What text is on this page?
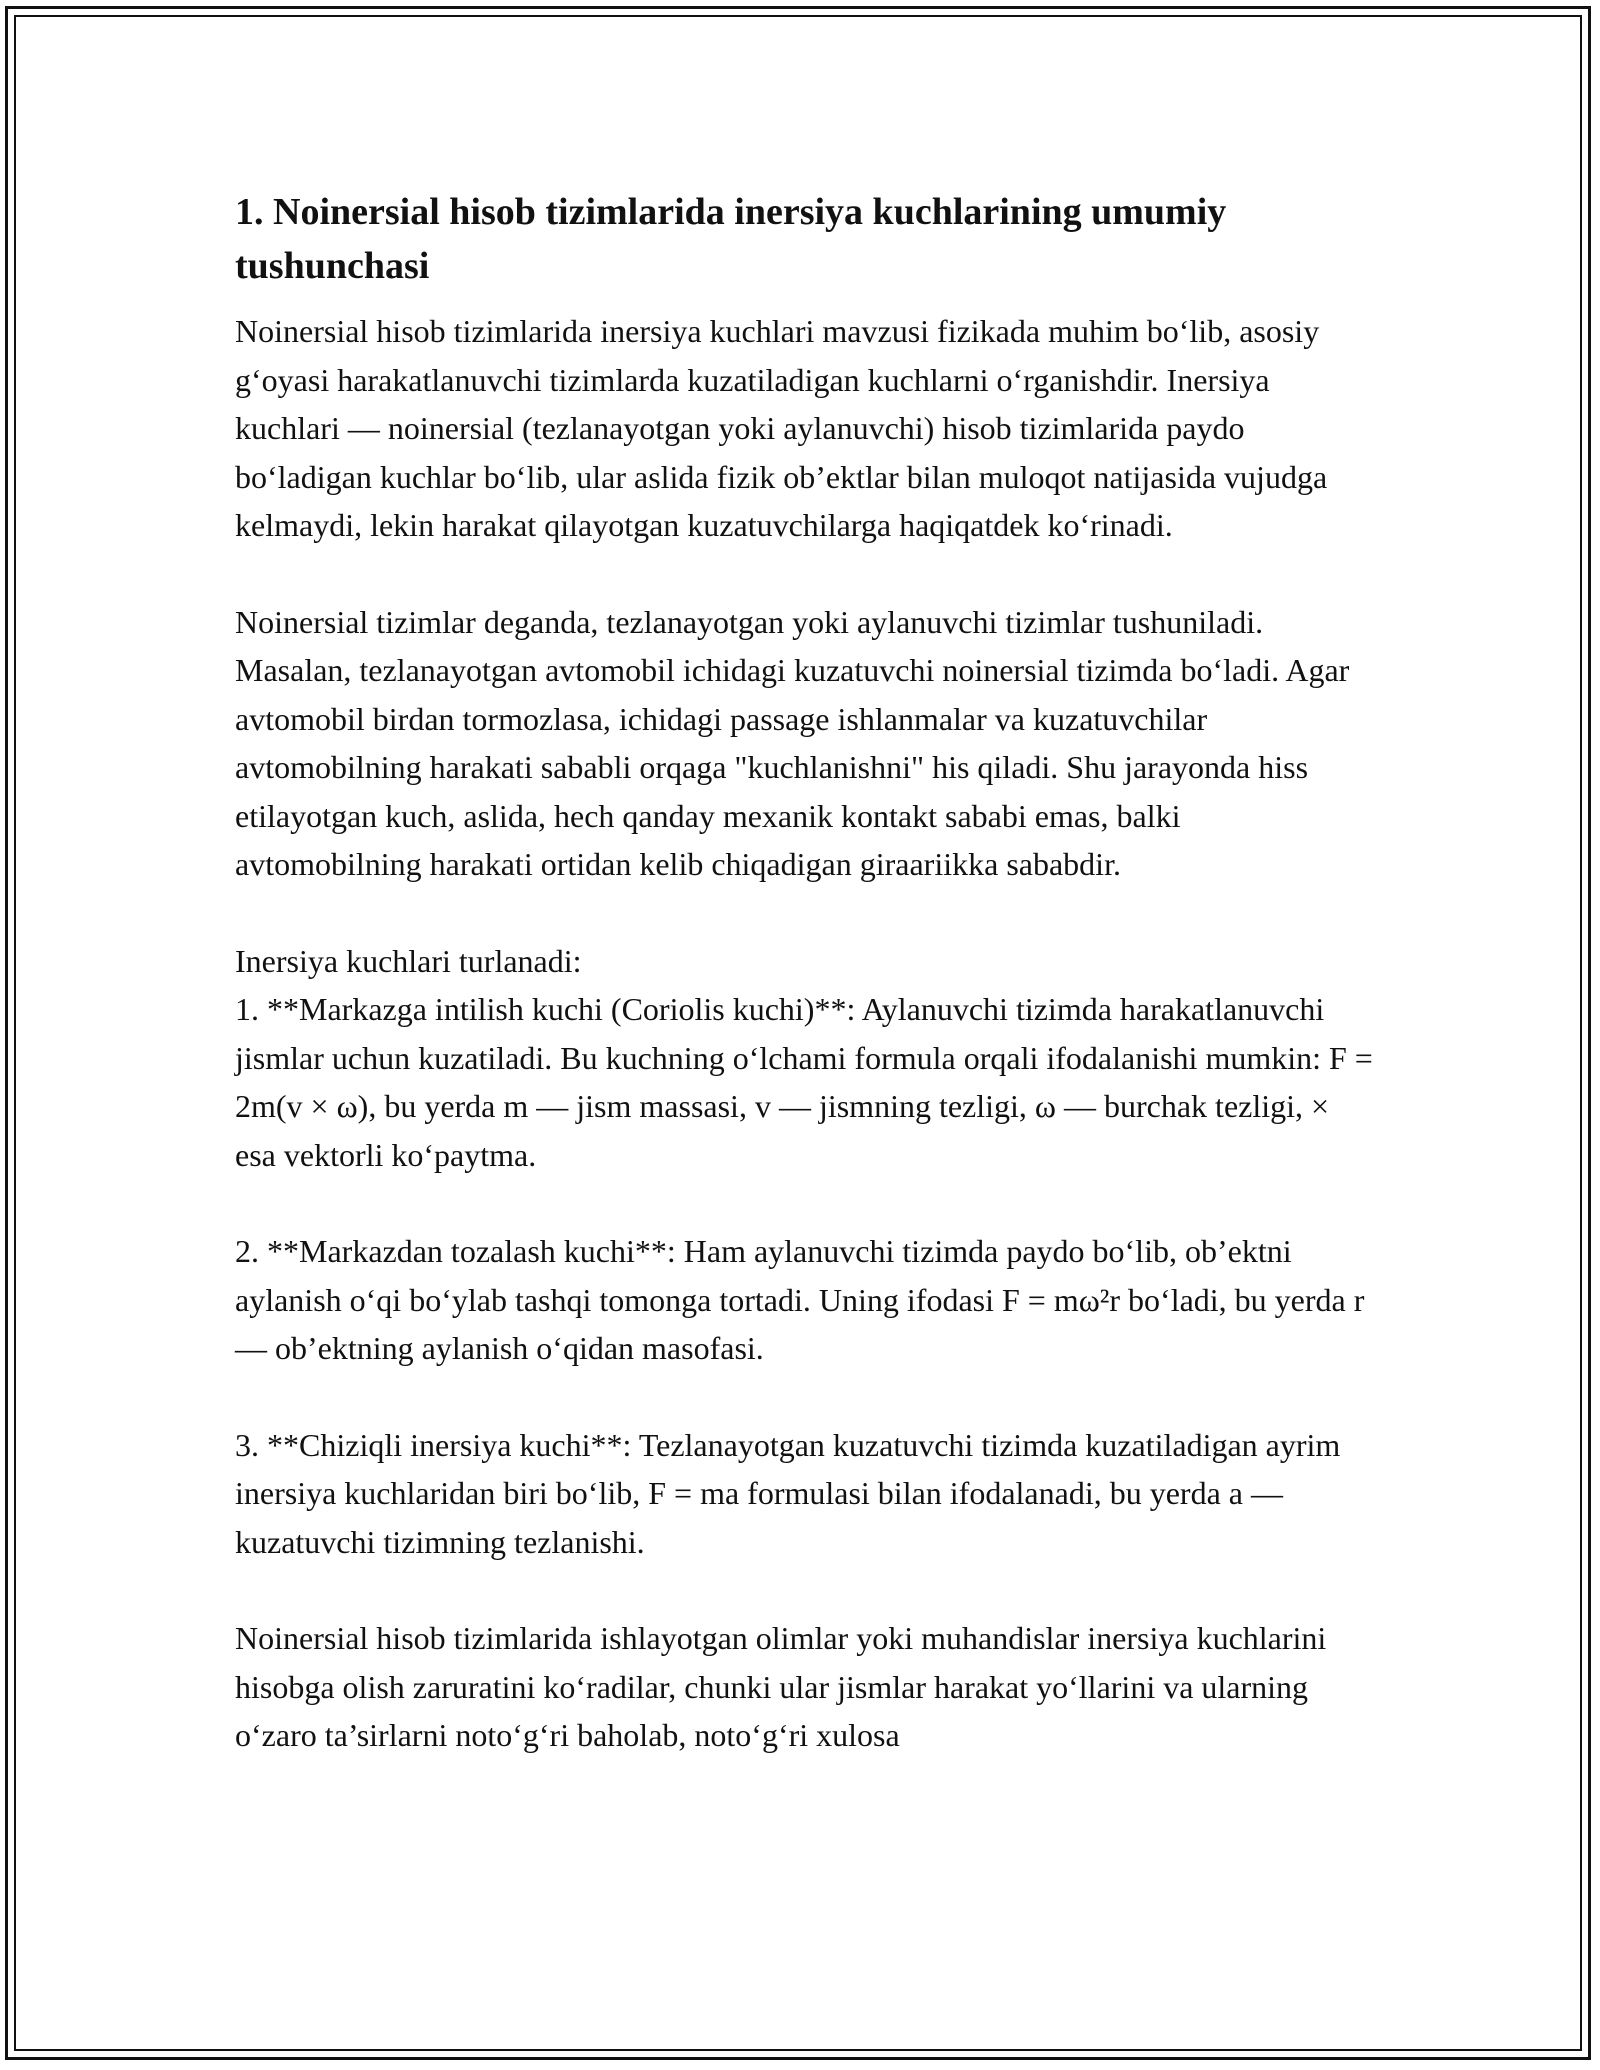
1. Noinersial hisob tizimlarida inersiya kuchlarining umumiy tushunchasi

Noinersial hisob tizimlarida inersiya kuchlari mavzusi fizikada muhim bo‘lib, asosiy g‘oyasi harakatlanuvchi tizimlarda kuzatiladigan kuchlarni o‘rganishdir. Inersiya kuchlari — noinersial (tezlanayotgan yoki aylanuvchi) hisob tizimlarida paydo bo‘ladigan kuchlar bo‘lib, ular aslida fizik ob’ektlar bilan muloqot natijasida vujudga kelmaydi, lekin harakat qilayotgan kuzatuvchilarga haqiqatdek ko‘rinadi.

Noinersial tizimlar deganda, tezlanayotgan yoki aylanuvchi tizimlar tushuniladi. Masalan, tezlanayotgan avtomobil ichidagi kuzatuvchi noinersial tizimda bo‘ladi. Agar avtomobil birdan tormozlasa, ichidagi passage ishlanmalar va kuzatuvchilar avtomobilning harakati sababli orqaga "kuchlanishni" his qiladi. Shu jarayonda hiss etilayotgan kuch, aslida, hech qanday mexanik kontakt sababi emas, balki avtomobilning harakati ortidan kelib chiqadigan giraariikka sababdir.

Inersiya kuchlari turlanadi:

1. **Markazga intilish kuchi (Coriolis kuchi)**: Aylanuvchi tizimda harakatlanuvchi jismlar uchun kuzatiladi. Bu kuchning o‘lchami formula orqali ifodalanishi mumkin: F = 2m(v × ω), bu yerda m — jism massasi, v — jismning tezligi, ω — burchak tezligi, × esa vektorli ko‘paytma.

2. **Markazdan tozalash kuchi**: Ham aylanuvchi tizimda paydo bo‘lib, ob’ektni aylanish o‘qi bo‘ylab tashqi tomonga tortadi. Uning ifodasi F = mω²r bo‘ladi, bu yerda r — ob’ektning aylanish o‘qidan masofasi.

3. **Chiziqli inersiya kuchi**: Tezlanayotgan kuzatuvchi tizimda kuzatiladigan ayrim inersiya kuchlaridan biri bo‘lib, F = ma formulasi bilan ifodalanadi, bu yerda a — kuzatuvchi tizimning tezlanishi.

Noinersial hisob tizimlarida ishlayotgan olimlar yoki muhandislar inersiya kuchlarini hisobga olish zaruratini ko‘radilar, chunki ular jismlar harakat yo‘llarini va ularning o‘zaro ta’sirlarni noto‘g‘ri baholab, noto‘g‘ri xulosa
